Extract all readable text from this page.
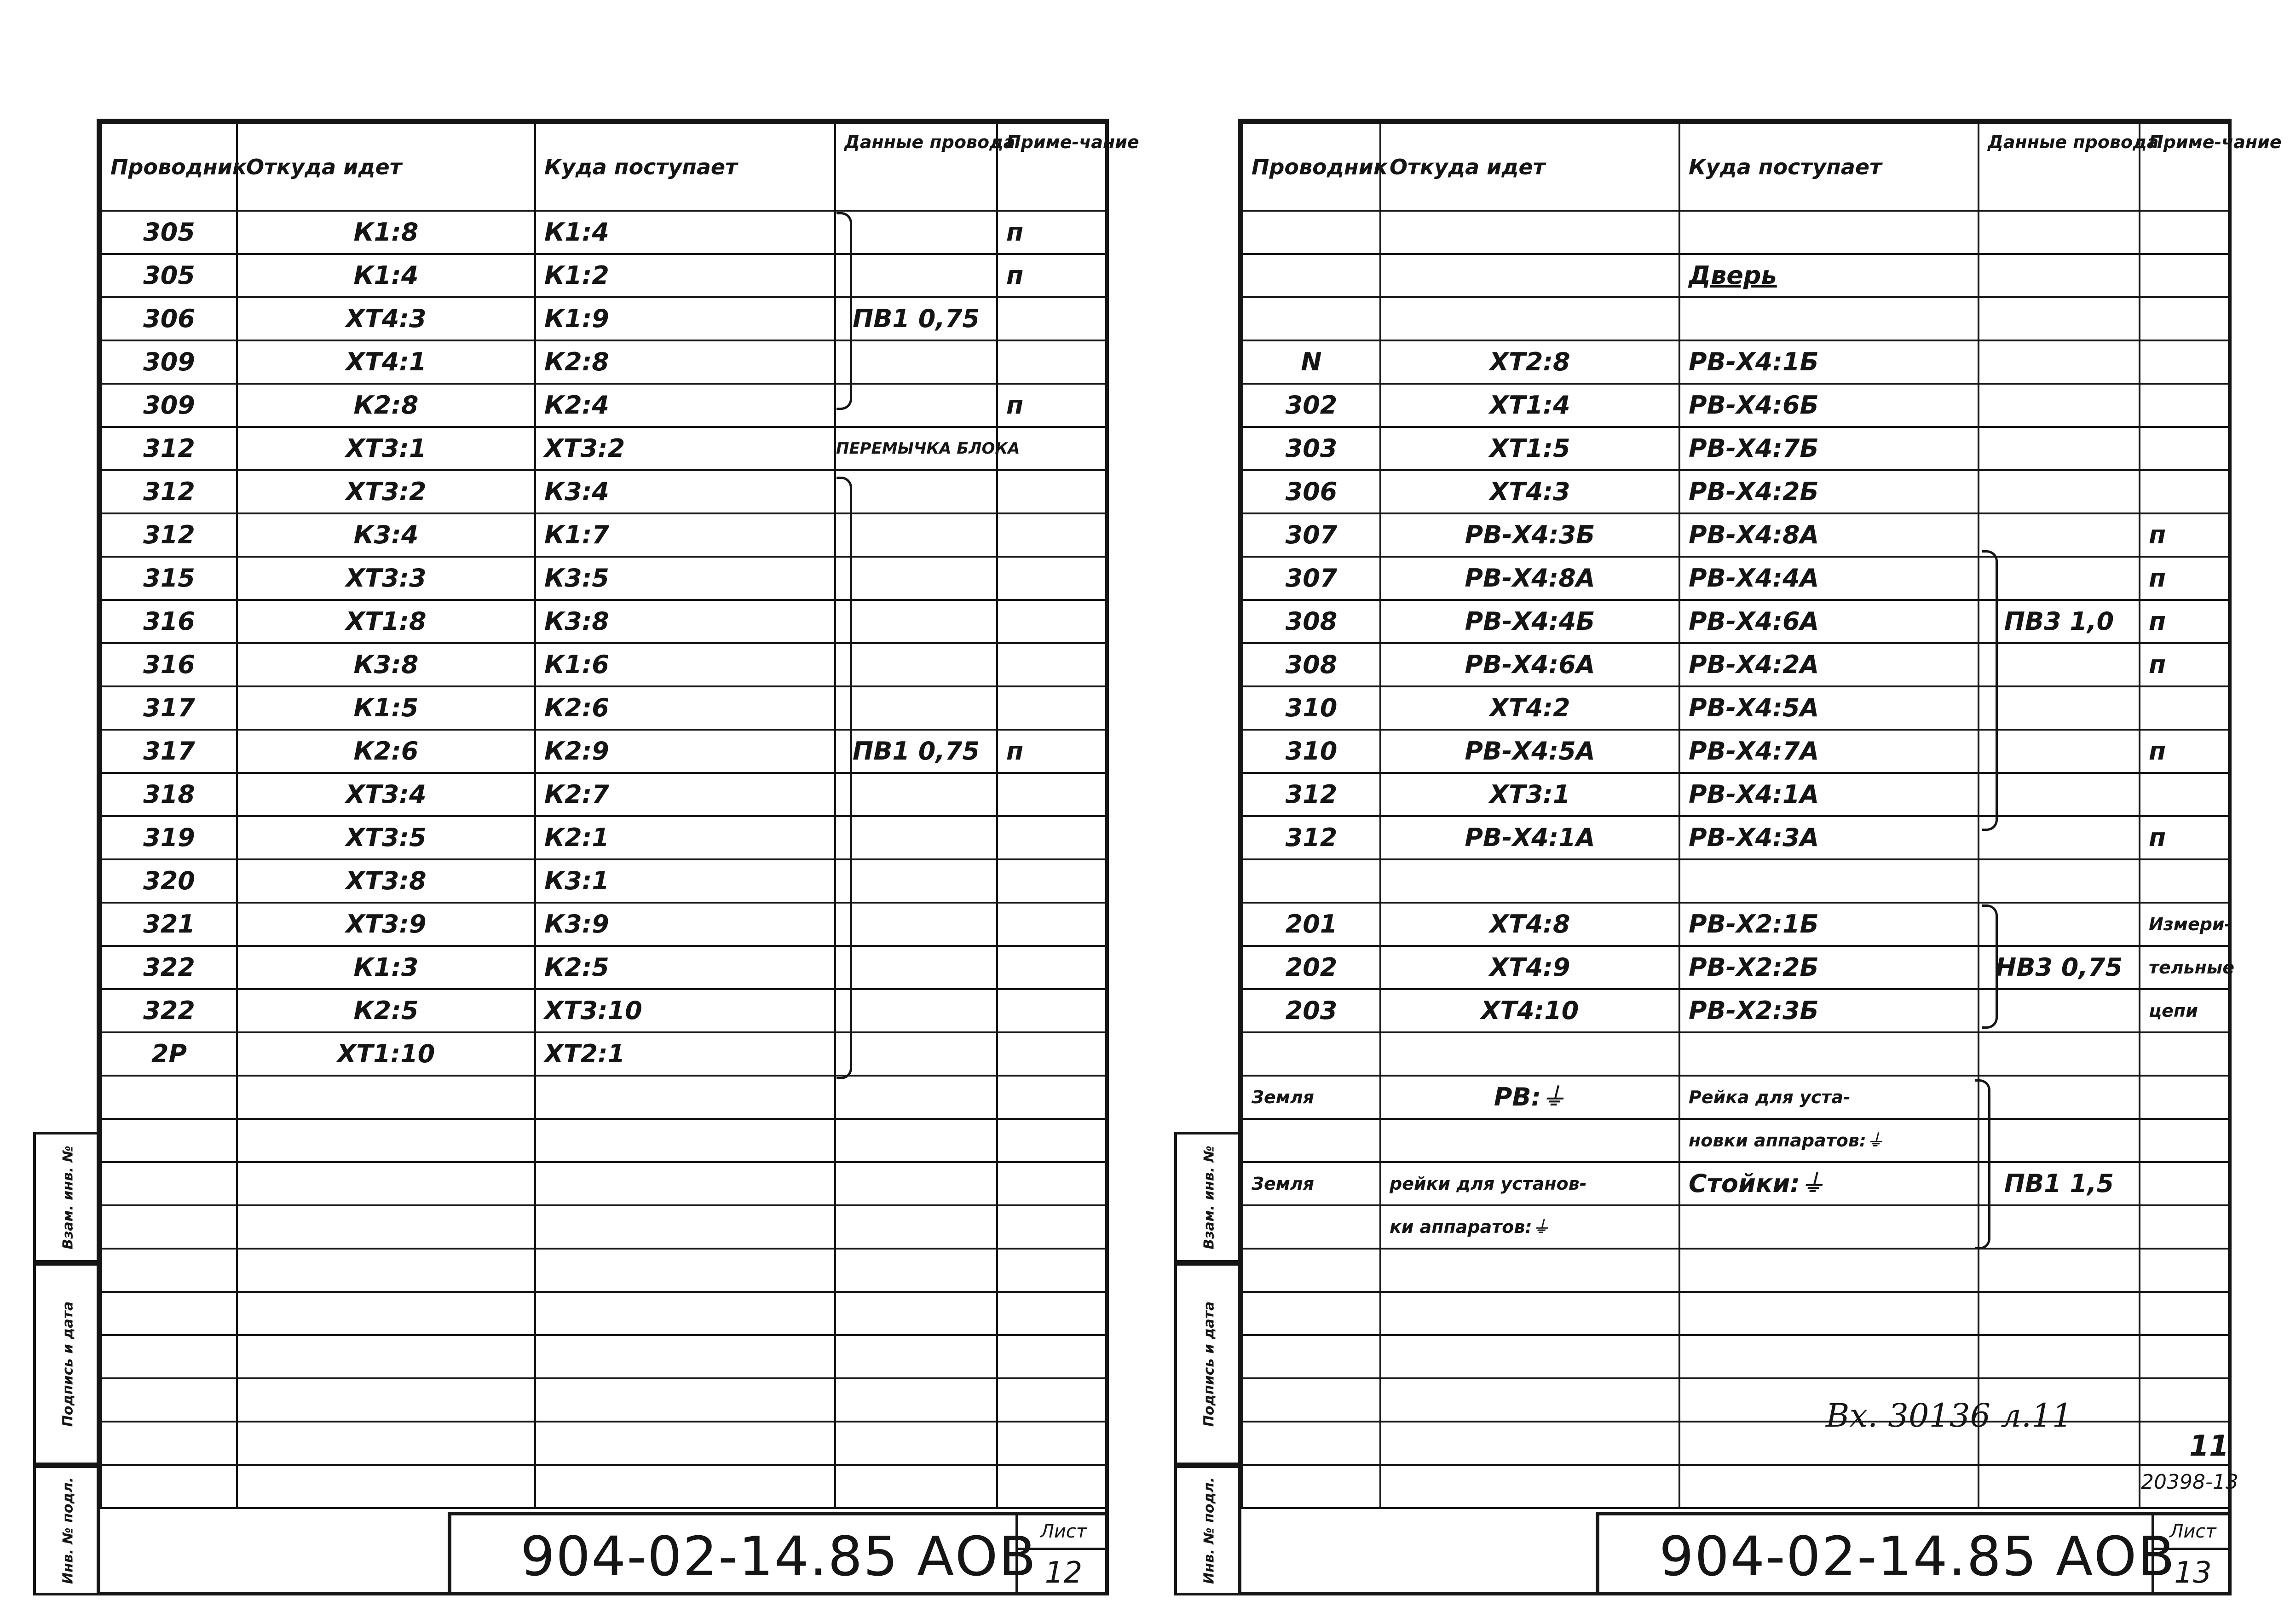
Проводник	Откуда идет	Куда поступает	Данные провода	Приме-чание
305	К1:8	К1:4		п
305	К1:4	К1:2		п
306	ХТ4:3	К1:9	ПВ1 0,75	
309	ХТ4:1	К2:8		
309	К2:8	К2:4		п
312	ХТ3:1	ХТ3:2	ПЕРЕМЫЧКА БЛОКА	
312	ХТ3:2	К3:4		
312	К3:4	К1:7		
315	ХТ3:3	К3:5		
316	ХТ1:8	К3:8		
316	К3:8	К1:6		
317	К1:5	К2:6		
317	К2:6	К2:9	ПВ1 0,75	п
318	ХТ3:4	К2:7		
319	ХТ3:5	К2:1		
320	ХТ3:8	К3:1		
321	ХТ3:9	К3:9		
322	К1:3	К2:5		
322	К2:5	ХТ3:10		
2Р	ХТ1:10	ХТ2:1		

904-02-14.85 АОВ Лист
12
Взам. инв. №
Подпись и дата
Инв. № подл.
Проводник	Откуда идет	Куда поступает	Данные провода	Приме-чание

		Дверь		

N	ХТ2:8	РВ-Х4:1Б		
302	ХТ1:4	РВ-Х4:6Б		
303	ХТ1:5	РВ-Х4:7Б		
306	ХТ4:3	РВ-Х4:2Б		
307	РВ-Х4:3Б	РВ-Х4:8А		п
307	РВ-Х4:8А	РВ-Х4:4А		п
308	РВ-Х4:4Б	РВ-Х4:6А	ПВ3 1,0	п
308	РВ-Х4:6А	РВ-Х4:2А		п
310	ХТ4:2	РВ-Х4:5А		
310	РВ-Х4:5А	РВ-Х4:7А		п
312	ХТ3:1	РВ-Х4:1А		
312	РВ-Х4:1А	РВ-Х4:3А		п

201	ХТ4:8	РВ-Х2:1Б		Измери-
202	ХТ4:9	РВ-Х2:2Б	НВ3 0,75	тельные
203	ХТ4:10	РВ-Х2:3Б		цепи

Земля	РВ:⏚	Рейка для уста-		
		новки аппаратов:⏚		
Земля	рейки для установ-	Стойки:⏚	ПВ1 1,5	
	ки аппаратов:⏚			

Вх. 30136 л.11
11
20398-13
904-02-14.85 АОВ
Лист
13
Взам. инв. №
Подпись и дата
Инв. № подл.
